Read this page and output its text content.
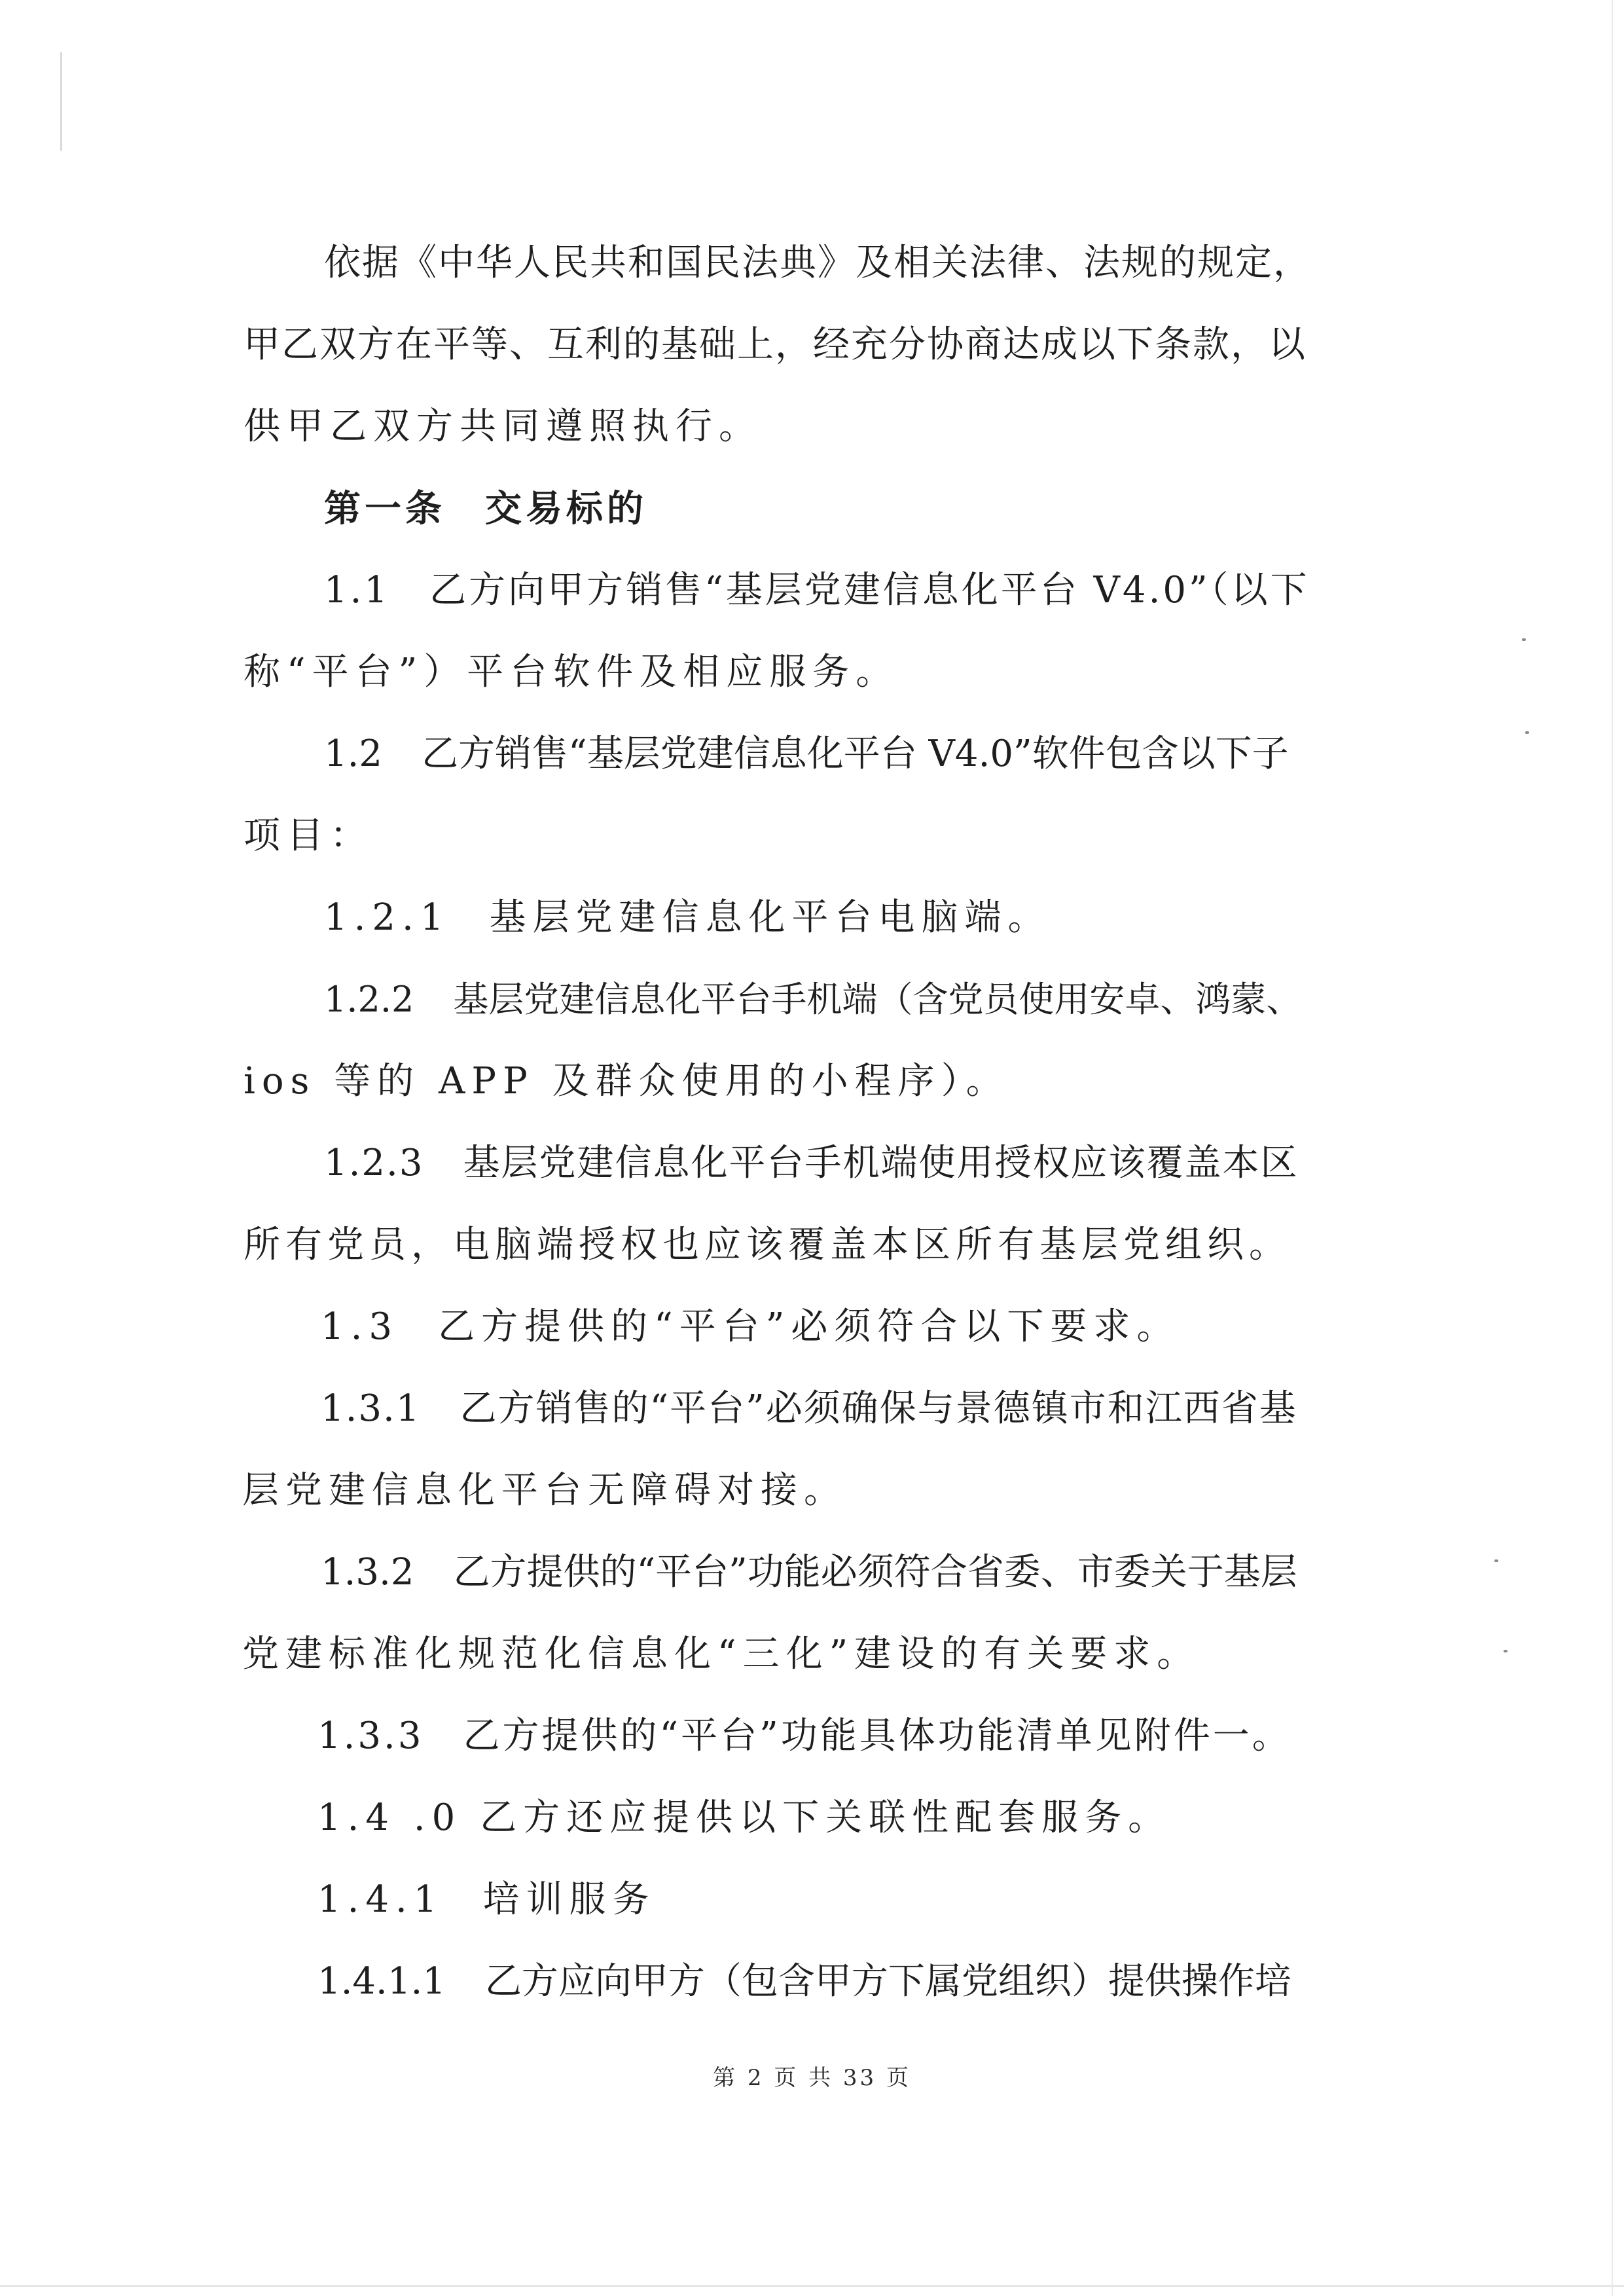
依据《中华人民共和国民法典》及相关法律、法规的规定，
甲乙双方在平等、互利的基础上，经充分协商达成以下条款，以
供甲乙双方共同遵照执行。
第一条 交易标的
1.1 乙方向甲方销售“基层党建信息化平台 V4.0”（以下
称“平台”）平台软件及相应服务。
1.2 乙方销售“基层党建信息化平台 V4.0”软件包含以下子
项目：
1.2.1 基层党建信息化平台电脑端。
1.2.2 基层党建信息化平台手机端（含党员使用安卓、鸿蒙、
ios 等的 APP 及群众使用的小程序）。
1.2.3 基层党建信息化平台手机端使用授权应该覆盖本区
所有党员，电脑端授权也应该覆盖本区所有基层党组织。
1.3 乙方提供的“平台”必须符合以下要求。
1.3.1 乙方销售的“平台”必须确保与景德镇市和江西省基
层党建信息化平台无障碍对接。
1.3.2 乙方提供的“平台”功能必须符合省委、市委关于基层
党建标准化规范化信息化“三化”建设的有关要求。
1.3.3 乙方提供的“平台”功能具体功能清单见附件一。
1.4 .0 乙方还应提供以下关联性配套服务。
1.4.1 培训服务
1.4.1.1 乙方应向甲方（包含甲方下属党组织）提供操作培
第 2 页 共 33 页
